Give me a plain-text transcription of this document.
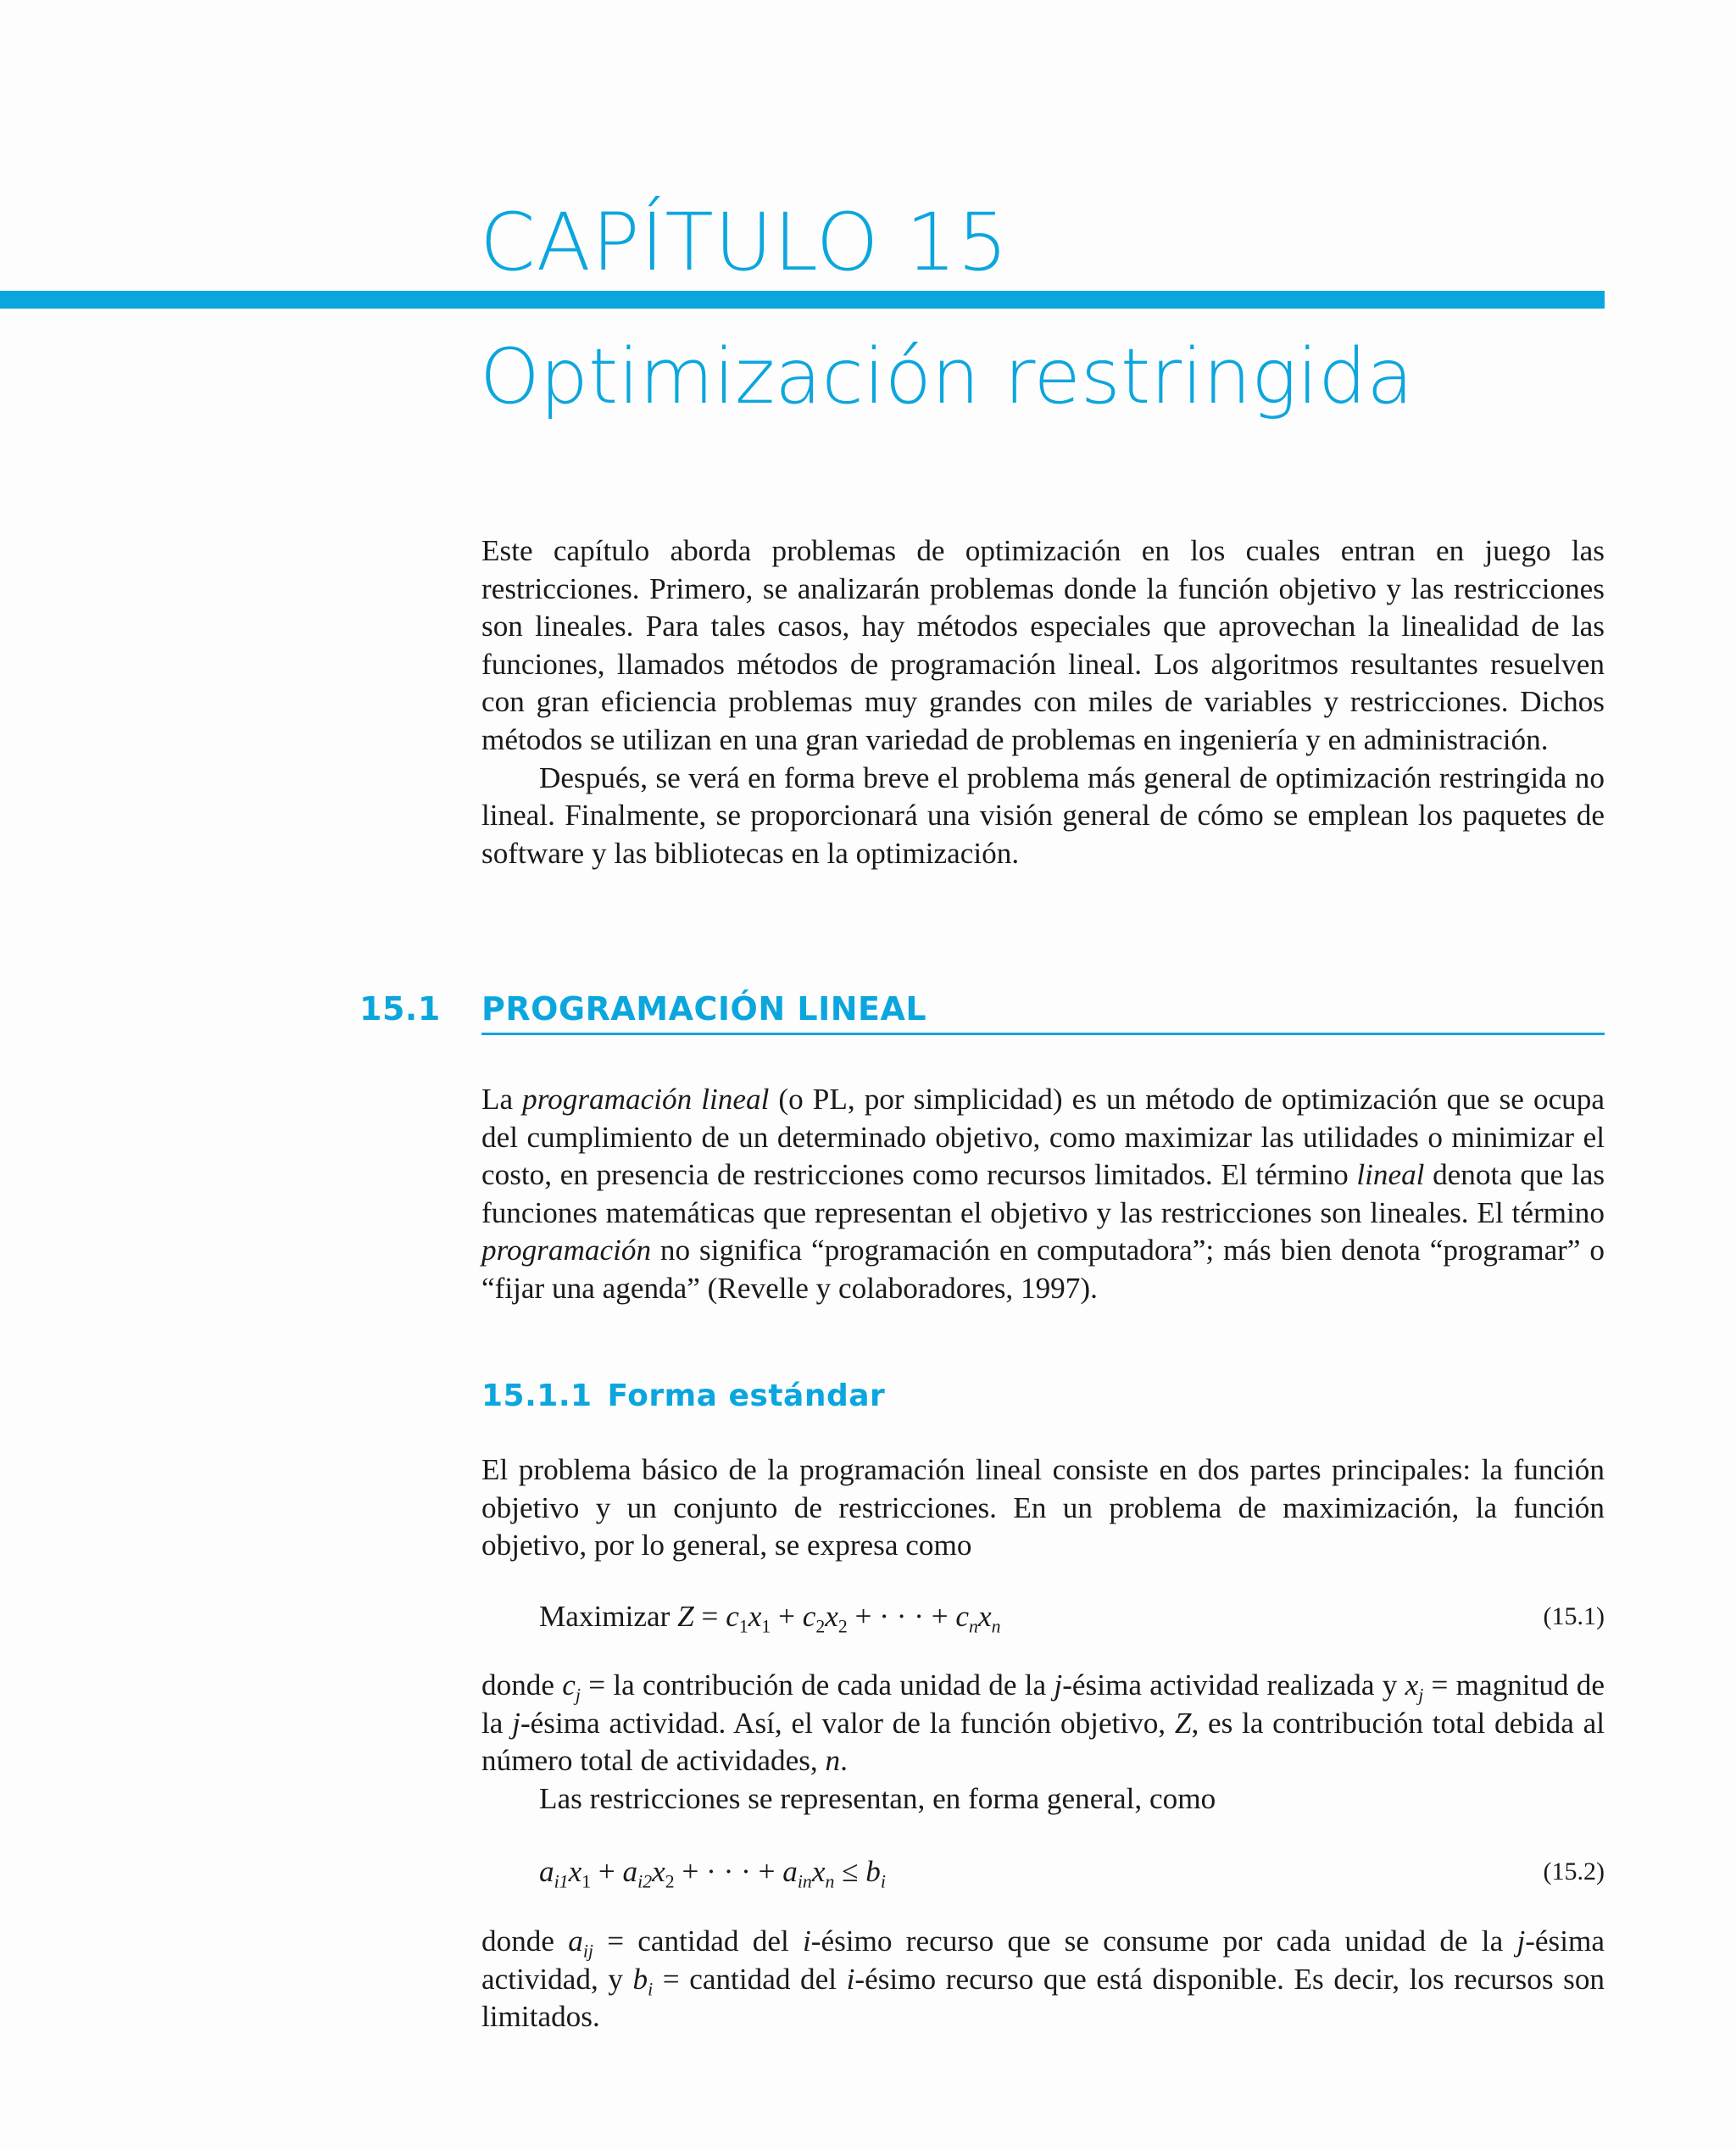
CAPÍTULO 15
Optimización restringida

Este capítulo aborda problemas de optimización en los cuales entran en juego las restricciones. Primero, se analizarán problemas donde la función objetivo y las restricciones son lineales. Para tales casos, hay métodos especiales que aprovechan la linealidad de las funciones, llamados métodos de programación lineal. Los algoritmos resultantes resuelven con gran eficiencia problemas muy grandes con miles de variables y restricciones. Dichos métodos se utilizan en una gran variedad de problemas en ingeniería y en administración.

Después, se verá en forma breve el problema más general de optimización restringida no lineal. Finalmente, se proporcionará una visión general de cómo se emplean los paquetes de software y las bibliotecas en la optimización.

15.1 PROGRAMACIÓN LINEAL

La programación lineal (o PL, por simplicidad) es un método de optimización que se ocupa del cumplimiento de un determinado objetivo, como maximizar las utilidades o minimizar el costo, en presencia de restricciones como recursos limitados. El término lineal denota que las funciones matemáticas que representan el objetivo y las restricciones son lineales. El término programación no significa “programación en computadora”; más bien denota “programar” o “fijar una agenda” (Revelle y colaboradores, 1997).

15.1.1 Forma estándar

El problema básico de la programación lineal consiste en dos partes principales: la función objetivo y un conjunto de restricciones. En un problema de maximización, la función objetivo, por lo general, se expresa como

Maximizar $Z = c_1x_1 + c_2x_2$ + · · · + $c_nx_n$	(15.1)

donde $c_j$ = la contribución de cada unidad de la j-ésima actividad realizada y $x_j$ = magnitud de la j-ésima actividad. Así, el valor de la función objetivo, Z, es la contribución total debida al número total de actividades, n.

Las restricciones se representan, en forma general, como

$a_{i1}x_1 + a_{i2}x_2$ + · · · + $a_{in}x_n \le b_i$	(15.2)

donde $a_{ij}$ = cantidad del i-ésimo recurso que se consume por cada unidad de la j-ésima actividad, y $b_i$ = cantidad del i-ésimo recurso que está disponible. Es decir, los recursos son limitados.
